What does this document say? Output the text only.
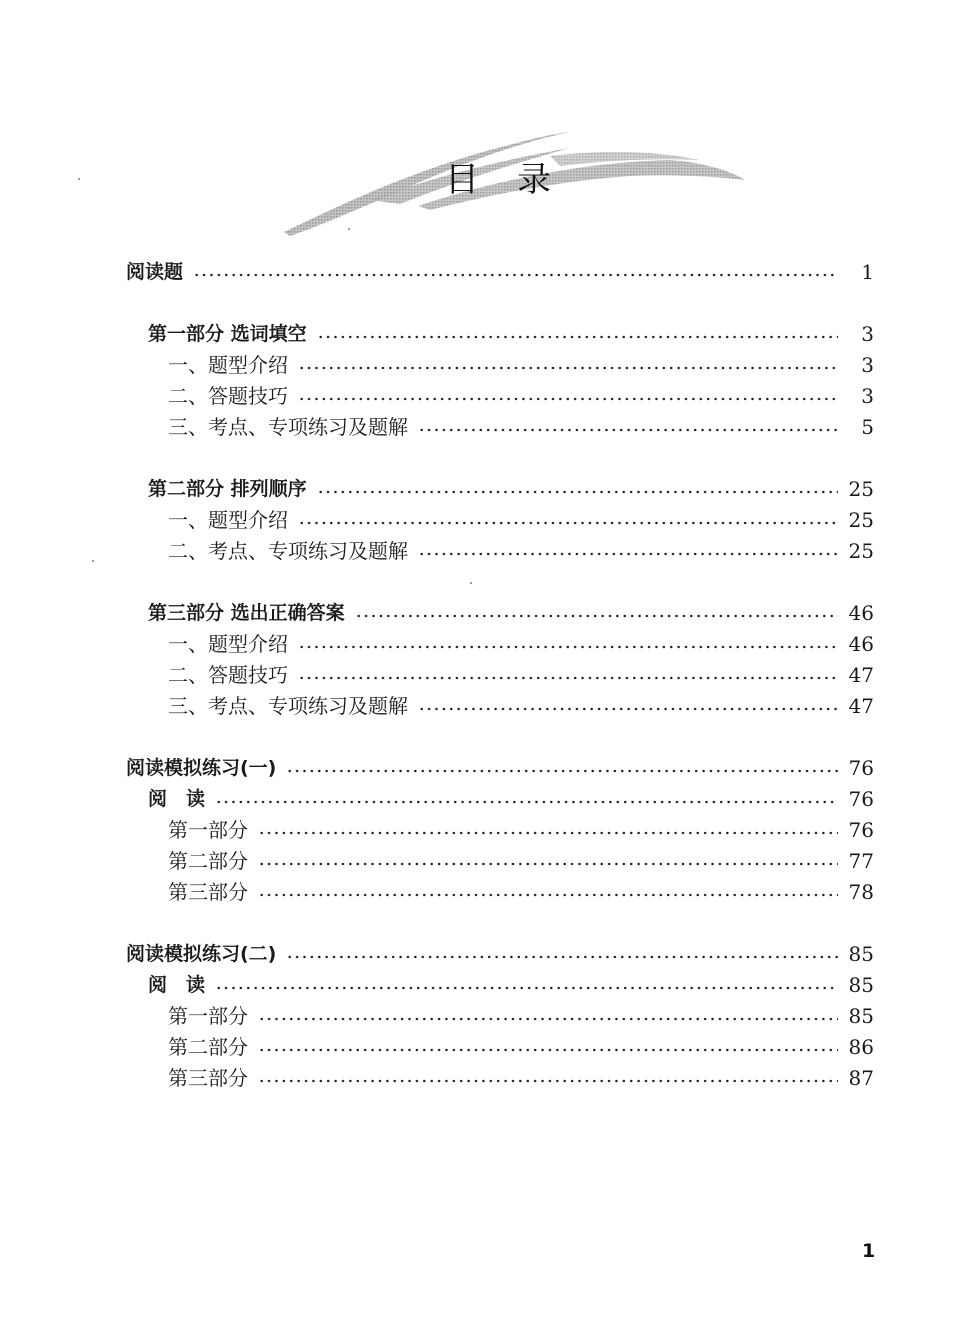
目录
阅读题	1
第一部分 选词填空	3
一、题型介绍	3
二、答题技巧	3
三、考点、专项练习及题解	5
第二部分 排列顺序	25
一、题型介绍	25
二、考点、专项练习及题解	25
第三部分 选出正确答案	46
一、题型介绍	46
二、答题技巧	47
三、考点、专项练习及题解	47
阅读模拟练习(一)	76
阅　读	76
第一部分	76
第二部分	77
第三部分	78
阅读模拟练习(二)	85
阅　读	85
第一部分	85
第二部分	86
第三部分	87
1
